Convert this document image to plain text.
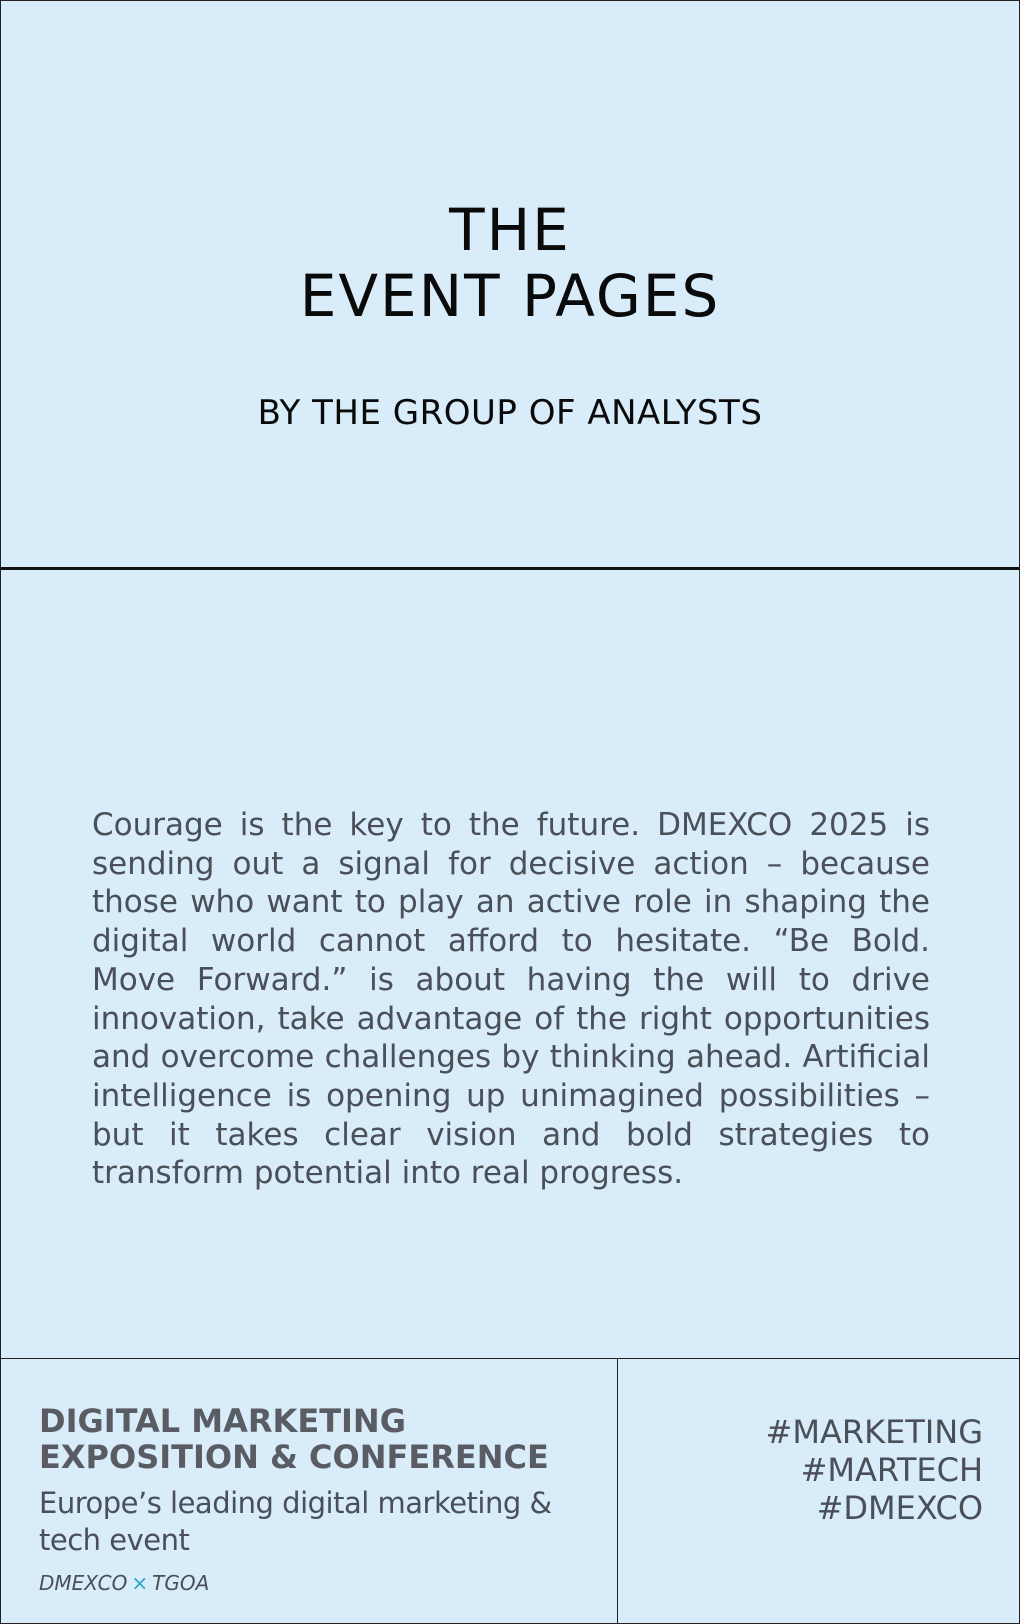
THE
EVENT PAGES
BY THE GROUP OF ANALYSTS

Courage is the key to the future. DMEXCO 2025 is sending out a signal for decisive action – because those who want to play an active role in shaping the digital world cannot afford to hesitate. “Be Bold. Move Forward.” is about having the will to drive innovation, take advantage of the right opportunities and overcome challenges by thinking ahead. Artificial intelligence is opening up unimagined possibilities – but it takes clear vision and bold strategies to transform potential into real progress.

DIGITAL MARKETING
EXPOSITION & CONFERENCE
Europe’s leading digital marketing & tech event
DMEXCO × TGOA
#MARKETING
#MARTECH
#DMEXCO
